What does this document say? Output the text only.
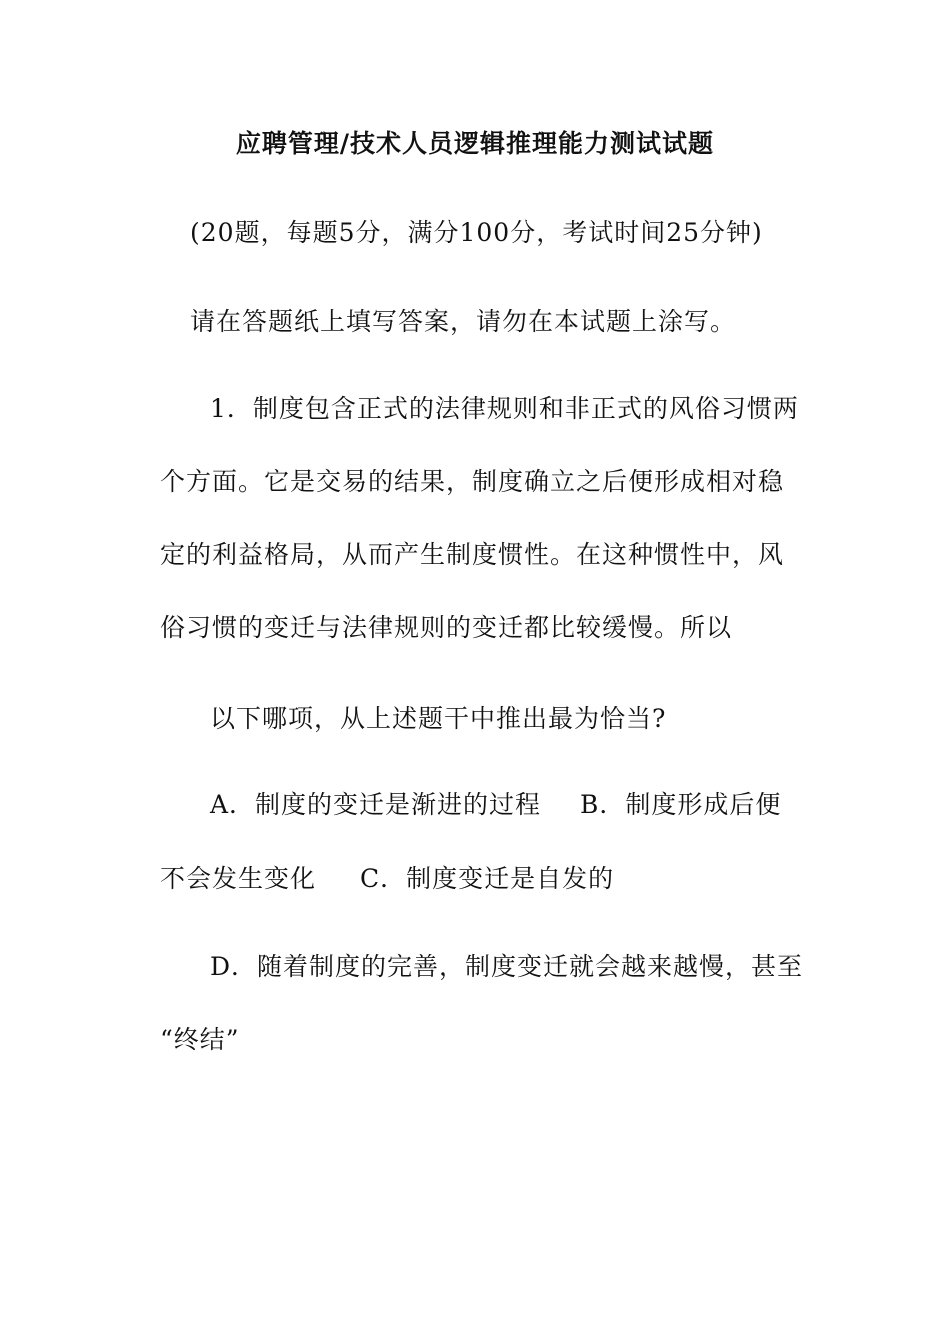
应聘管理/技术人员逻辑推理能力测试试题
(20题，每题5分，满分100分，考试时间25分钟)
请在答题纸上填写答案，请勿在本试题上涂写。
1．制度包含正式的法律规则和非正式的风俗习惯两
个方面。它是交易的结果，制度确立之后便形成相对稳
定的利益格局，从而产生制度惯性。在这种惯性中，风
俗习惯的变迁与法律规则的变迁都比较缓慢。所以
以下哪项，从上述题干中推出最为恰当?
A．制度的变迁是渐进的过程 B．制度形成后便
不会发生变化 C．制度变迁是自发的
D．随着制度的完善，制度变迁就会越来越慢，甚至
“终结”
